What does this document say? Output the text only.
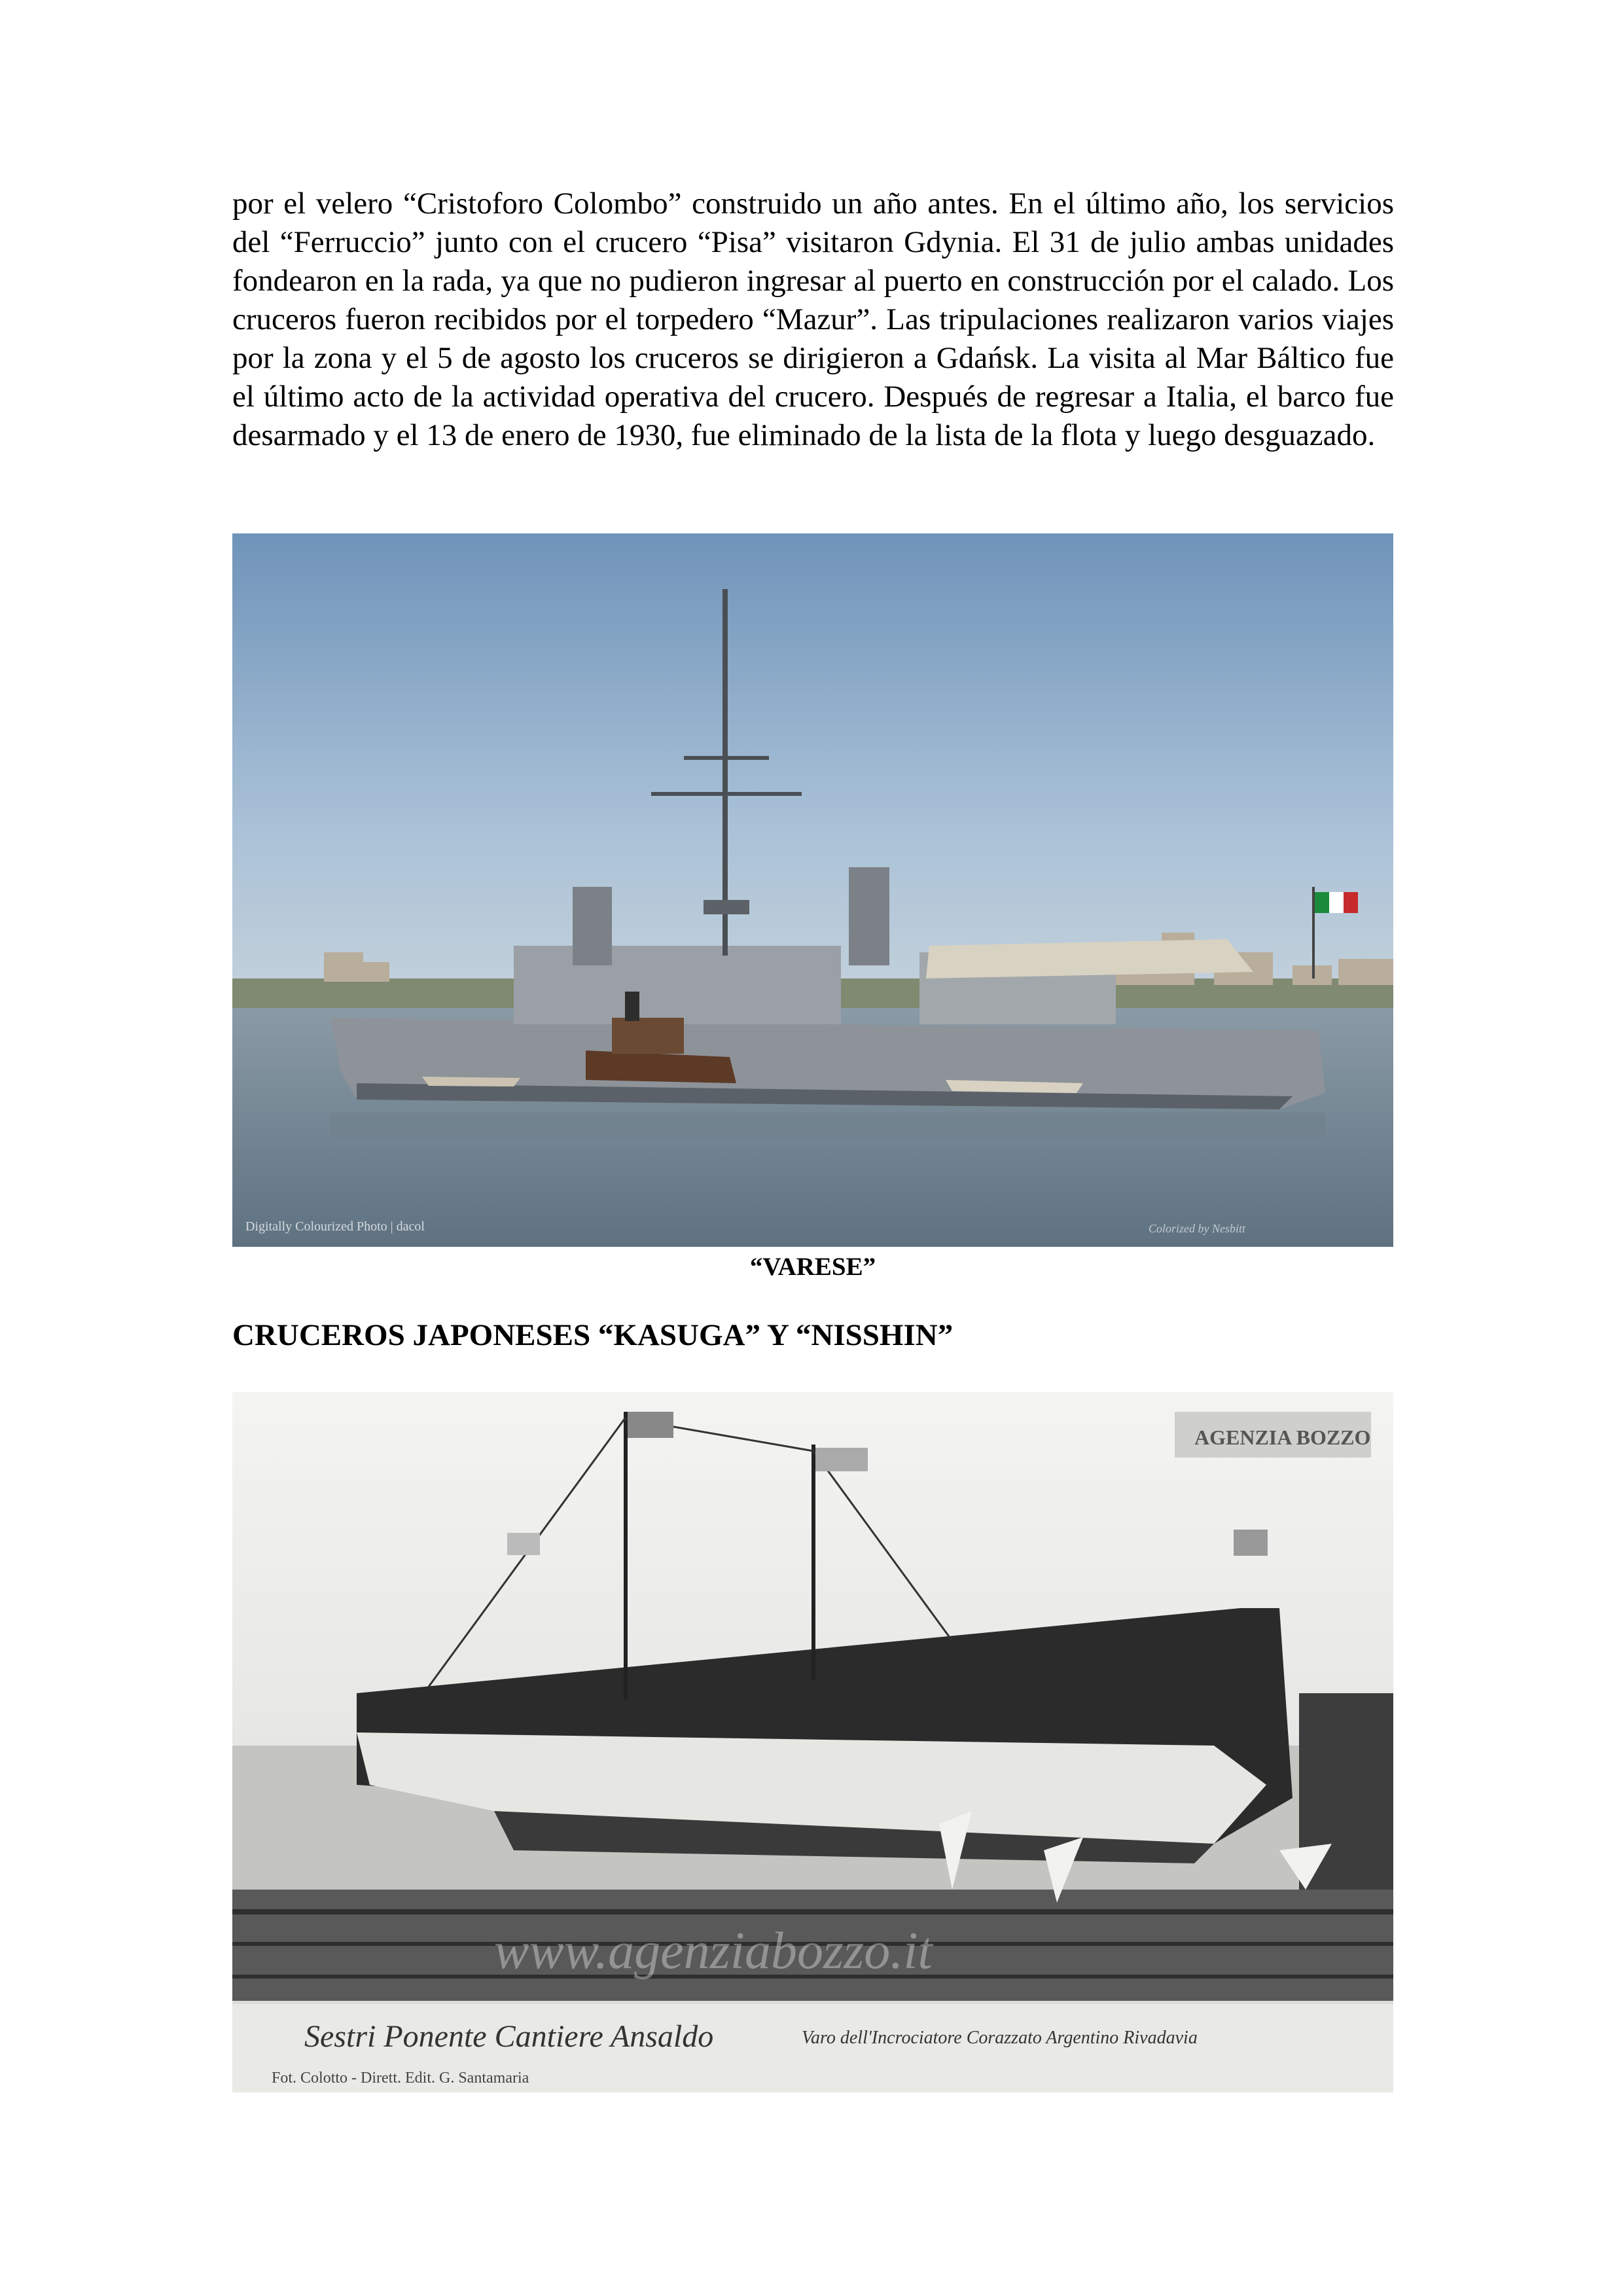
por el velero “Cristoforo Colombo” construido un año antes. En el último año, los servicios del “Ferruccio” junto con el crucero “Pisa” visitaron Gdynia. El 31 de julio ambas unidades fondearon en la rada, ya que no pudieron ingresar al puerto en construcción por el calado. Los cruceros fueron recibidos por el torpedero “Mazur”. Las tripulaciones realizaron varios viajes por la zona y el 5 de agosto los cruceros se dirigieron a Gdańsk. La visita al Mar Báltico fue el último acto de la actividad operativa del crucero. Después de regresar a Italia, el barco fue desarmado y el 13 de enero de 1930, fue eliminado de la lista de la flota y luego desguazado.

Digitally Colourized Photo | dacol	Colorized by Nesbitt
“VARESE”
CRUCEROS JAPONESES “KASUGA” Y “NISSHIN”
AGENZIA BOZZO
www.agenziabozzo.it
Sestri Ponente Cantiere Ansaldo	Varo dell'Incrociatore Corazzato Argentino Rivadavia
Fot. Colotto - Dirett. Edit. G. Santamaria
